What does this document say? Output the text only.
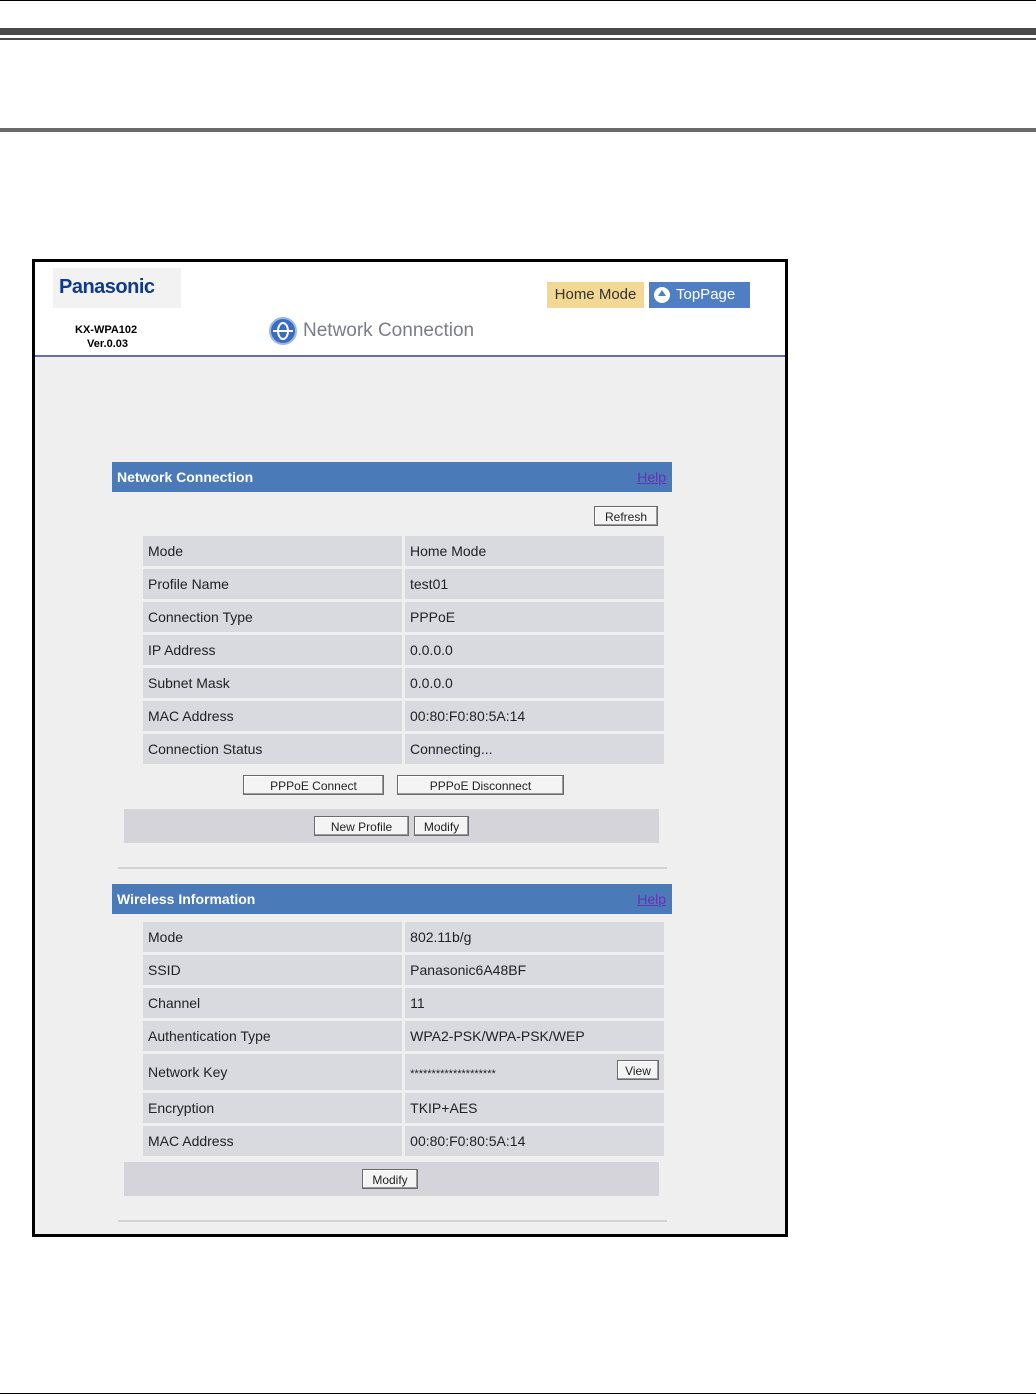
Panasonic
KX-WPA102
Ver.0.03
Home Mode	TopPage
Network Connection
Network Connection	Help
Refresh
Mode	Home Mode
Profile Name	test01
Connection Type	PPPoE
IP Address	0.0.0.0
Subnet Mask	0.0.0.0
MAC Address	00:80:F0:80:5A:14
Connection Status	Connecting...
PPPoE Connect	PPPoE Disconnect
New Profile	Modify
Wireless Information	Help
Mode	802.11b/g
SSID	Panasonic6A48BF
Channel	11
Authentication Type	WPA2-PSK/WPA-PSK/WEP
Network Key	******************** View

Encryption	TKIP+AES
MAC Address	00:80:F0:80:5A:14
Modify
